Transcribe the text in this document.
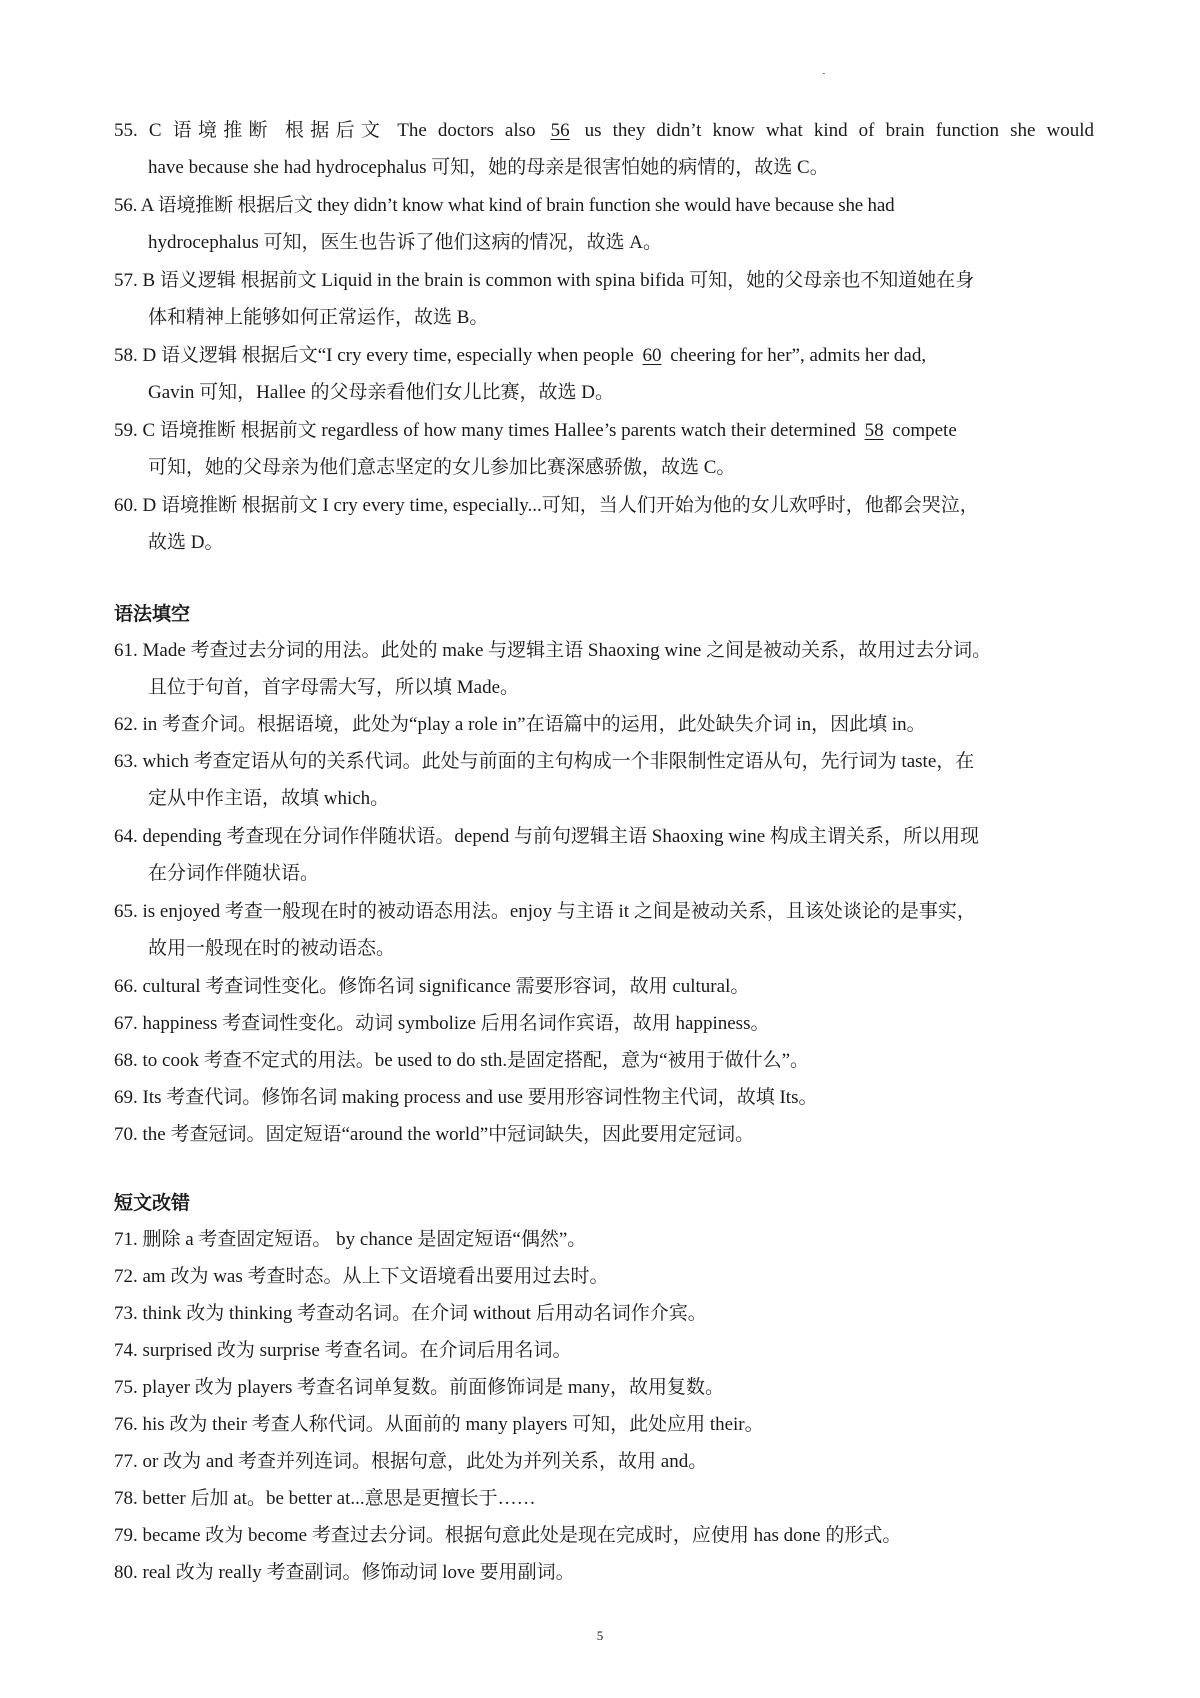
-
55. C 语境推断 根据后文 The doctors also 56 us they didn’t know what kind of brain function she would
have because she had hydrocephalus 可知，她的母亲是很害怕她的病情的，故选 C。
56. A 语境推断 根据后文 they didn’t know what kind of brain function she would have because she had
hydrocephalus 可知，医生也告诉了他们这病的情况，故选 A。
57. B 语义逻辑 根据前文 Liquid in the brain is common with spina bifida 可知，她的父母亲也不知道她在身
体和精神上能够如何正常运作，故选 B。
58. D 语义逻辑 根据后文“I cry every time, especially when people 60 cheering for her”, admits her dad,
Gavin 可知，Hallee 的父母亲看他们女儿比赛，故选 D。
59. C 语境推断 根据前文 regardless of how many times Hallee’s parents watch their determined 58 compete
可知，她的父母亲为他们意志坚定的女儿参加比赛深感骄傲，故选 C。
60. D 语境推断 根据前文 I cry every time, especially...可知，当人们开始为他的女儿欢呼时，他都会哭泣，
故选 D。
语法填空
61. Made 考查过去分词的用法。此处的 make 与逻辑主语 Shaoxing wine 之间是被动关系，故用过去分词。
且位于句首，首字母需大写，所以填 Made。
62. in 考查介词。根据语境，此处为“play a role in”在语篇中的运用，此处缺失介词 in，因此填 in。
63. which 考查定语从句的关系代词。此处与前面的主句构成一个非限制性定语从句，先行词为 taste，在
定从中作主语，故填 which。
64. depending 考查现在分词作伴随状语。depend 与前句逻辑主语 Shaoxing wine 构成主谓关系，所以用现
在分词作伴随状语。
65. is enjoyed 考查一般现在时的被动语态用法。enjoy 与主语 it 之间是被动关系，且该处谈论的是事实，
故用一般现在时的被动语态。
66. cultural 考查词性变化。修饰名词 significance 需要形容词，故用 cultural。
67. happiness 考查词性变化。动词 symbolize 后用名词作宾语，故用 happiness。
68. to cook 考查不定式的用法。be used to do sth.是固定搭配，意为“被用于做什么”。
69. Its 考查代词。修饰名词 making process and use 要用形容词性物主代词，故填 Its。
70. the 考查冠词。固定短语“around the world”中冠词缺失，因此要用定冠词。
短文改错
71. 删除 a 考查固定短语。 by chance 是固定短语“偶然”。
72. am 改为 was 考查时态。从上下文语境看出要用过去时。
73. think 改为 thinking 考查动名词。在介词 without 后用动名词作介宾。
74. surprised 改为 surprise 考查名词。在介词后用名词。
75. player 改为 players 考查名词单复数。前面修饰词是 many，故用复数。
76. his 改为 their 考查人称代词。从面前的 many players 可知，此处应用 their。
77. or 改为 and 考查并列连词。根据句意，此处为并列关系，故用 and。
78. better 后加 at。be better at...意思是更擅长于……
79. became 改为 become 考查过去分词。根据句意此处是现在完成时，应使用 has done 的形式。
80. real 改为 really 考查副词。修饰动词 love 要用副词。
5
